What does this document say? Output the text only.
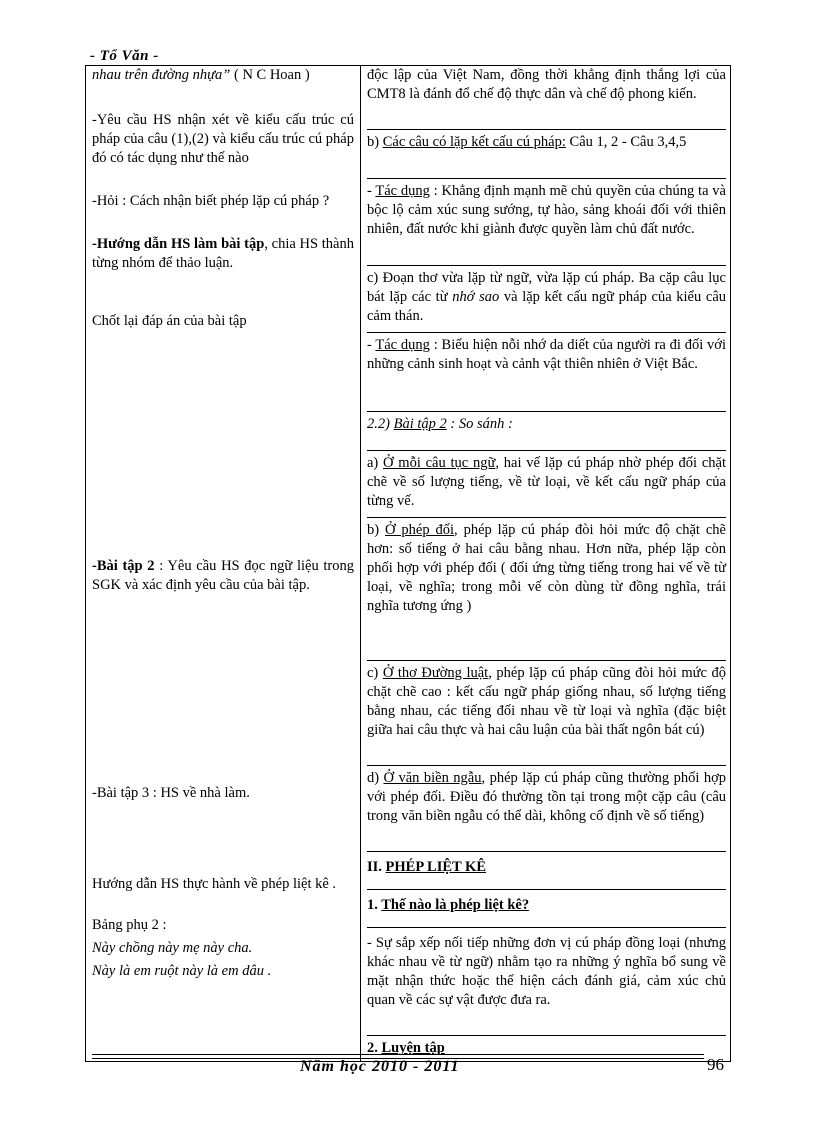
- Tổ Văn -

nhau trên đường nhựa” ( N C Hoan )

-Yêu cầu HS nhận xét về kiểu cấu trúc cú pháp của câu (1),(2) và kiểu cấu trúc cú pháp đó có tác dụng như thế nào

-Hỏi : Cách nhận biết phép lặp cú pháp ?

-Hướng dẫn HS làm bài tập, chia HS thành từng nhóm để thảo luận.

Chốt lại đáp án của bài tập

-Bài tập 2 : Yêu cầu HS đọc ngữ liệu trong SGK và xác định yêu cầu của bài tập.

-Bài tập 3 : HS về nhà làm.

Hướng dẫn HS thực hành về phép liệt kê .

Bảng phụ 2 :

Này chồng này mẹ này cha.

Này là em ruột này là em dâu .

độc lập của Việt Nam, đồng thời khẳng định thắng lợi của CMT8 là đánh đổ chế độ thực dân và chế độ phong kiến.

b) Các câu có lặp kết cấu cú pháp: Câu 1, 2 - Câu 3,4,5

- Tác dụng : Khẳng định mạnh mẽ chủ quyền của chúng ta và bộc lộ cảm xúc sung sướng, tự hào, sảng khoái đối với thiên nhiên, đất nước khi giành được quyền làm chủ đất nước.

c) Đoạn thơ vừa lặp từ ngữ, vừa lặp cú pháp. Ba cặp câu lục bát lặp các từ nhớ sao và lặp kết cấu ngữ pháp của kiểu câu cảm thán.

- Tác dụng : Biểu hiện nỗi nhớ da diết của người ra đi đối với những cảnh sinh hoạt và cảnh vật thiên nhiên ở Việt Bắc.

2.2) Bài tập 2 : So sánh :

a) Ở mỗi câu tục ngữ, hai vế lặp cú pháp nhờ phép đối chặt chẽ về số lượng tiếng, về từ loại, về kết cấu ngữ pháp của từng vế.

b) Ở phép đối, phép lặp cú pháp đòi hỏi mức độ chặt chẽ hơn: số tiếng ở hai câu bằng nhau. Hơn nữa, phép lặp còn phối hợp với phép đối ( đối ứng từng tiếng trong hai vế về từ loại, về nghĩa; trong mỗi vế còn dùng từ đồng nghĩa, trái nghĩa tương ứng )

c) Ở thơ Đường luật, phép lặp cú pháp cũng đòi hỏi mức độ chặt chẽ cao : kết cấu ngữ pháp giống nhau, số lượng tiếng bằng nhau, các tiếng đối nhau về từ loại và nghĩa (đặc biệt giữa hai câu thực và hai câu luận của bài thất ngôn bát cú)

d) Ở văn biền ngẫu, phép lặp cú pháp cũng thường phối hợp với phép đối. Điều đó thường tồn tại trong một cặp câu (câu trong văn biền ngẫu có thể dài, không cố định về số tiếng)

II. PHÉP LIỆT KÊ

1. Thế nào là phép liệt kê?

- Sự sắp xếp nối tiếp những đơn vị cú pháp đồng loại (nhưng khác nhau về từ ngữ) nhằm tạo ra những ý nghĩa bổ sung về mặt nhận thức hoặc thể hiện cách đánh giá, cảm xúc chủ quan về các sự vật được đưa ra.

2. Luyện tập

Năm học 2010 - 2011	96
